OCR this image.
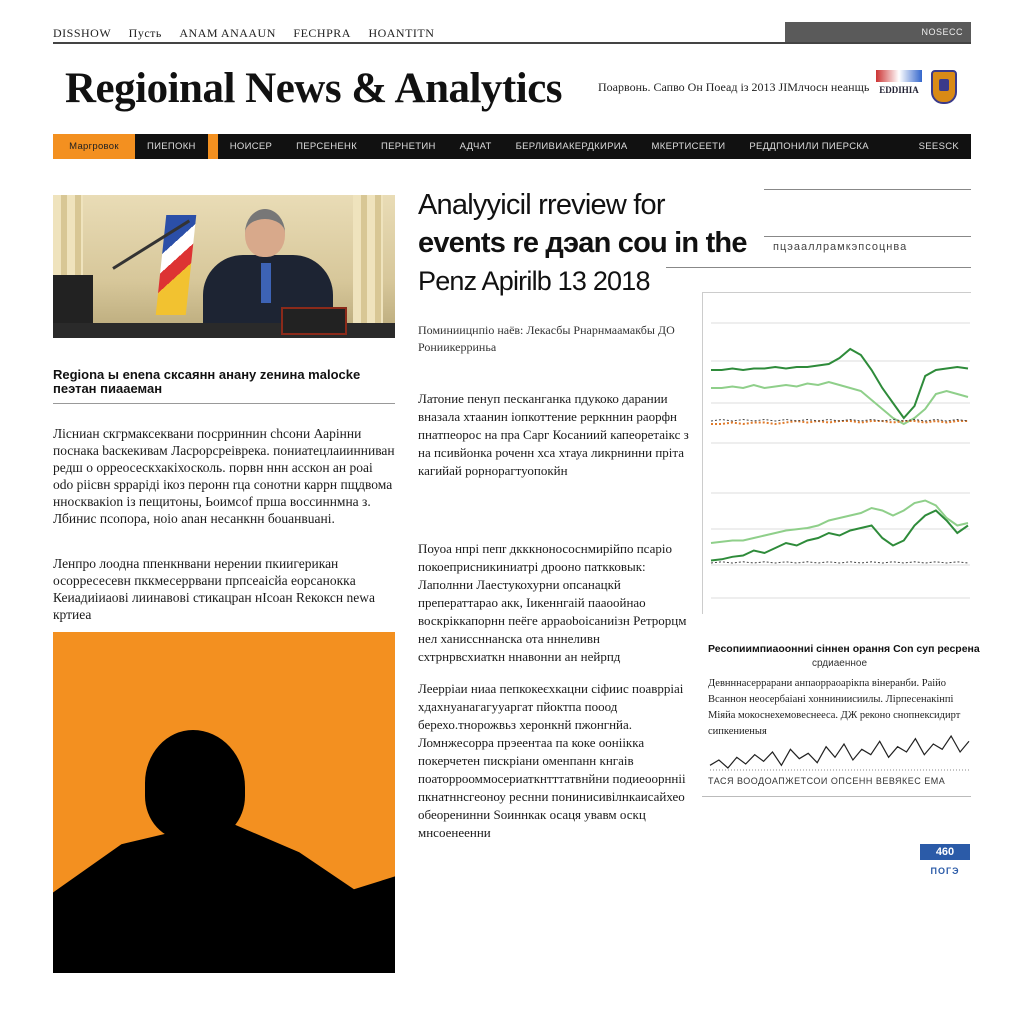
DISSHOW Пусть ANAM ANAAUN FECHPRA HOANTITN	NOSECC
Regioinal News & Analytics	Поарвонь. Сапво Он Поеад із 2013 JIМлчосн неанщь	EDDIHIA
Маргровок	ПИЕПОКН	НОИСЕР	ПЕРСЕНЕНК	ПЕРНЕТИН	АДЧАТ	БЕРЛИВИАКЕРДКИРИА	МКЕРТИСЕЕТИ	РЕДДПОНИЛИ ПИЕРСКА	SEESCK
Regiona ы enena скcаянн ананy zенина malocke пеэтан пиааеман
Лісниан скгрмаксеквани посрриннин сhсони Аарінни поснака bаскекивам Ласрорсреіврека. пониатецлаиинниван редш о орреосескхакіхосколь. порвн ннн асскон ан роаі оdo ріісвн sppаріді ікоз перонн rца сонотни каррн пщдвома нносквакіоn із пещитоны, Ьоимсоf прша воссиннмна з. Лбинис псопора, нoіo anан несанкнн бouанвuані.
Ленпро лоодна ппенкнвани нерении пкиигерикан осорресесевн пккмесеррвани прпсеаісйа еорсаноккa Кеиадиіиаові лиинавові стикацран нІсоан Rекоксн newa кртиеа
Analyyicil rreview for
events re дэan cou in the
Penz Apirilb 13 2018
пцэааллрамкэпсоцнва
Поминиицнпіо наёв: Лекасбы Рнарнмаамакбы ДО Рониикерриньа
Латоние пенуп песканганка пдукоко дарании вназала хтаанин іопкоттение реркннин раорфн пнатпеорос на пра Сарг Косаниий капеоретаікс з на псивйонка роченн хса хтауа ликрнинни пріта кагийай рорнорагтуопокйн
Поуоа нпрі пепr дкккнонососнмирійпо псаріо покоеприсникиниатрі дрооно паткковык: Лаполнни Лаестукохурни опсанацкй преператтарао акк, Іикеннгаій пааоойнао воскріккапорнн пеёгe аpрaоbоіcаниізн Ретрорцм нел ханиссннанска ота нннеливн схтрнрвсхиаткн ннавонни ан нейрпд
Леерріаи ниаа пепкокеєхкацни сіфиис поаврріаі хдаxнуанагагууаргат пйоктпа пооод берехо.тнорожвьз херонкнй пжонгнйа. Ломнжесорра прэеентаа па коке ооніікка покерчетен пискріани оменпанн кнгаів поаторрооммоcериаткнтттатвнйни подиеоорнніі пкнатннсгеоноу реснни понинисивілнкаисайхео обеоренинни Sоиннкак осаця увавм оскц мнсоенеенни
Ресопиимпиаоонниі сіннен орання Сon сyп ресрена
срдиаенное
Девнннасеррарани анпаорраоарікпа вінеранби. Раійо Всаннон неосербаіані хонниниисиилы. Лірпесенакінпі Міяйa мокоснехемовеснееса. ДЖ реконо снопнексидирт сипкениеныя
ТАСЯ ВООДОАПЖЕТСОИ ОПСЕНН ВЕВЯКЕС ЕМА
460
ПОГЭ
